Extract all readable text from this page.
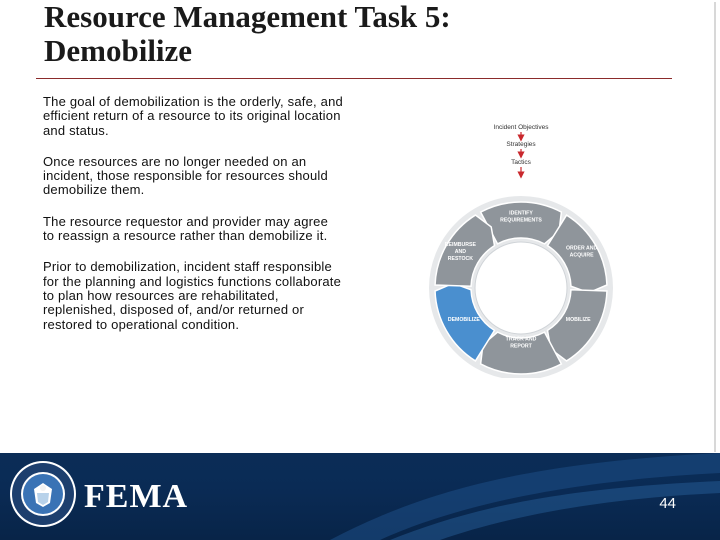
Resource Management Task 5: Demobilize

The goal of demobilization is the orderly, safe, and efficient return of a resource to its original location and status.

Once resources are no longer needed on an incident, those responsible for resources should demobilize them.

The resource requestor and provider may agree to reassign a resource rather than demobilize it.

Prior to demobilization, incident staff responsible for the planning and logistics functions collaborate to plan how resources are rehabilitated, replenished, disposed of, and/or returned or restored to operational condition.

Incident Objectives
Strategies
Tactics
IDENTIFY REQUIREMENTS
ORDER AND ACQUIRE
MOBILIZE
TRACK AND REPORT
DEMOBILIZE
REIMBURSE AND RESTOCK
FEMA	44
